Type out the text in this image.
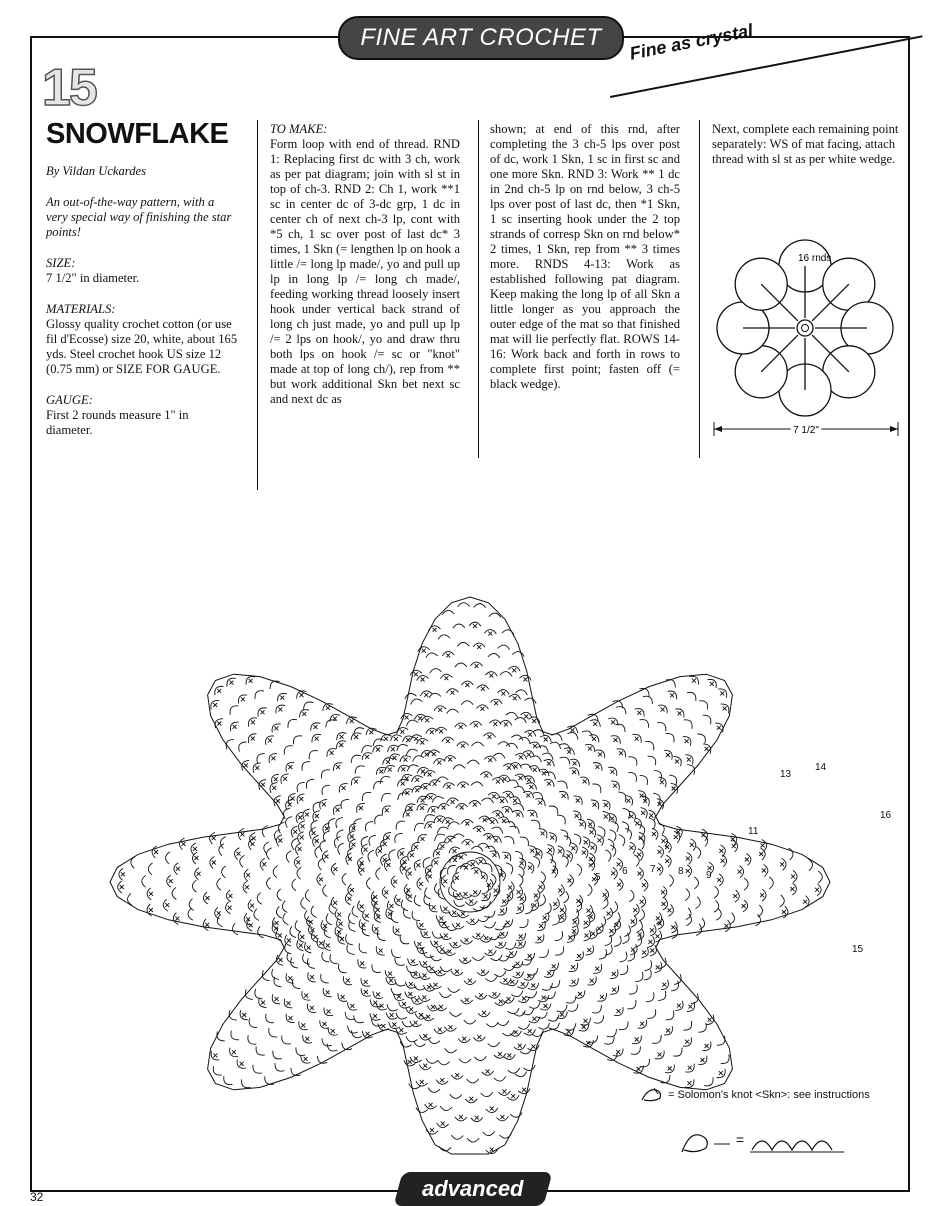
FINE ART CROCHET Fine as crystal
15
SNOWFLAKE

By Vildan Uckardes

An out-of-the-way pattern, with a very special way of finishing the star points!

SIZE:
7 1/2" in diameter.

MATERIALS:
Glossy quality crochet cotton (or use fil d'Ecosse) size 20, white, about 165 yds. Steel crochet hook US size 12 (0.75 mm) or SIZE FOR GAUGE.

GAUGE:
First 2 rounds measure 1" in diameter.

TO MAKE:

Form loop with end of thread. RND 1: Replacing first dc with 3 ch, work as per pat diagram; join with sl st in top of ch-3. RND 2: Ch 1, work **1 sc in center dc of 3-dc grp, 1 dc in center ch of next ch-3 lp, cont with *5 ch, 1 sc over post of last dc* 3 times, 1 Skn (= lengthen lp on hook a little /= long lp made/, yo and pull up lp in long lp /= long ch made/, feeding working thread loosely insert hook under vertical back strand of long ch just made, yo and pull up lp /= 2 lps on hook/, yo and draw thru both lps on hook /= sc or "knot" made at top of long ch/), rep from ** but work additional Skn bet next sc and next dc as

shown; at end of this rnd, after completing the 3 ch-5 lps over post of dc, work 1 Skn, 1 sc in first sc and one more Skn. RND 3: Work ** 1 dc in 2nd ch-5 lp on rnd below, 3 ch-5 lps over post of last dc, then *1 Skn, 1 sc inserting hook under the 2 top strands of corresp Skn on rnd below* 2 times, 1 Skn, rep from ** 3 times more. RNDS 4-13: Work as established following pat diagram. Keep making the long lp of all Skn a little longer as you approach the outer edge of the mat so that finished mat will lie perfectly flat. ROWS 14-16: Work back and forth in rows to complete first point; fasten off (= black wedge).

Next, complete each remaining point separately: WS of mat facing, attach thread with sl st as per white wedge.

16 rnds
7 1/2"
5
6 7 8 9
11
13
14
16
15
= Solomon's knot <Skn>: see instructions
=
advanced
32
